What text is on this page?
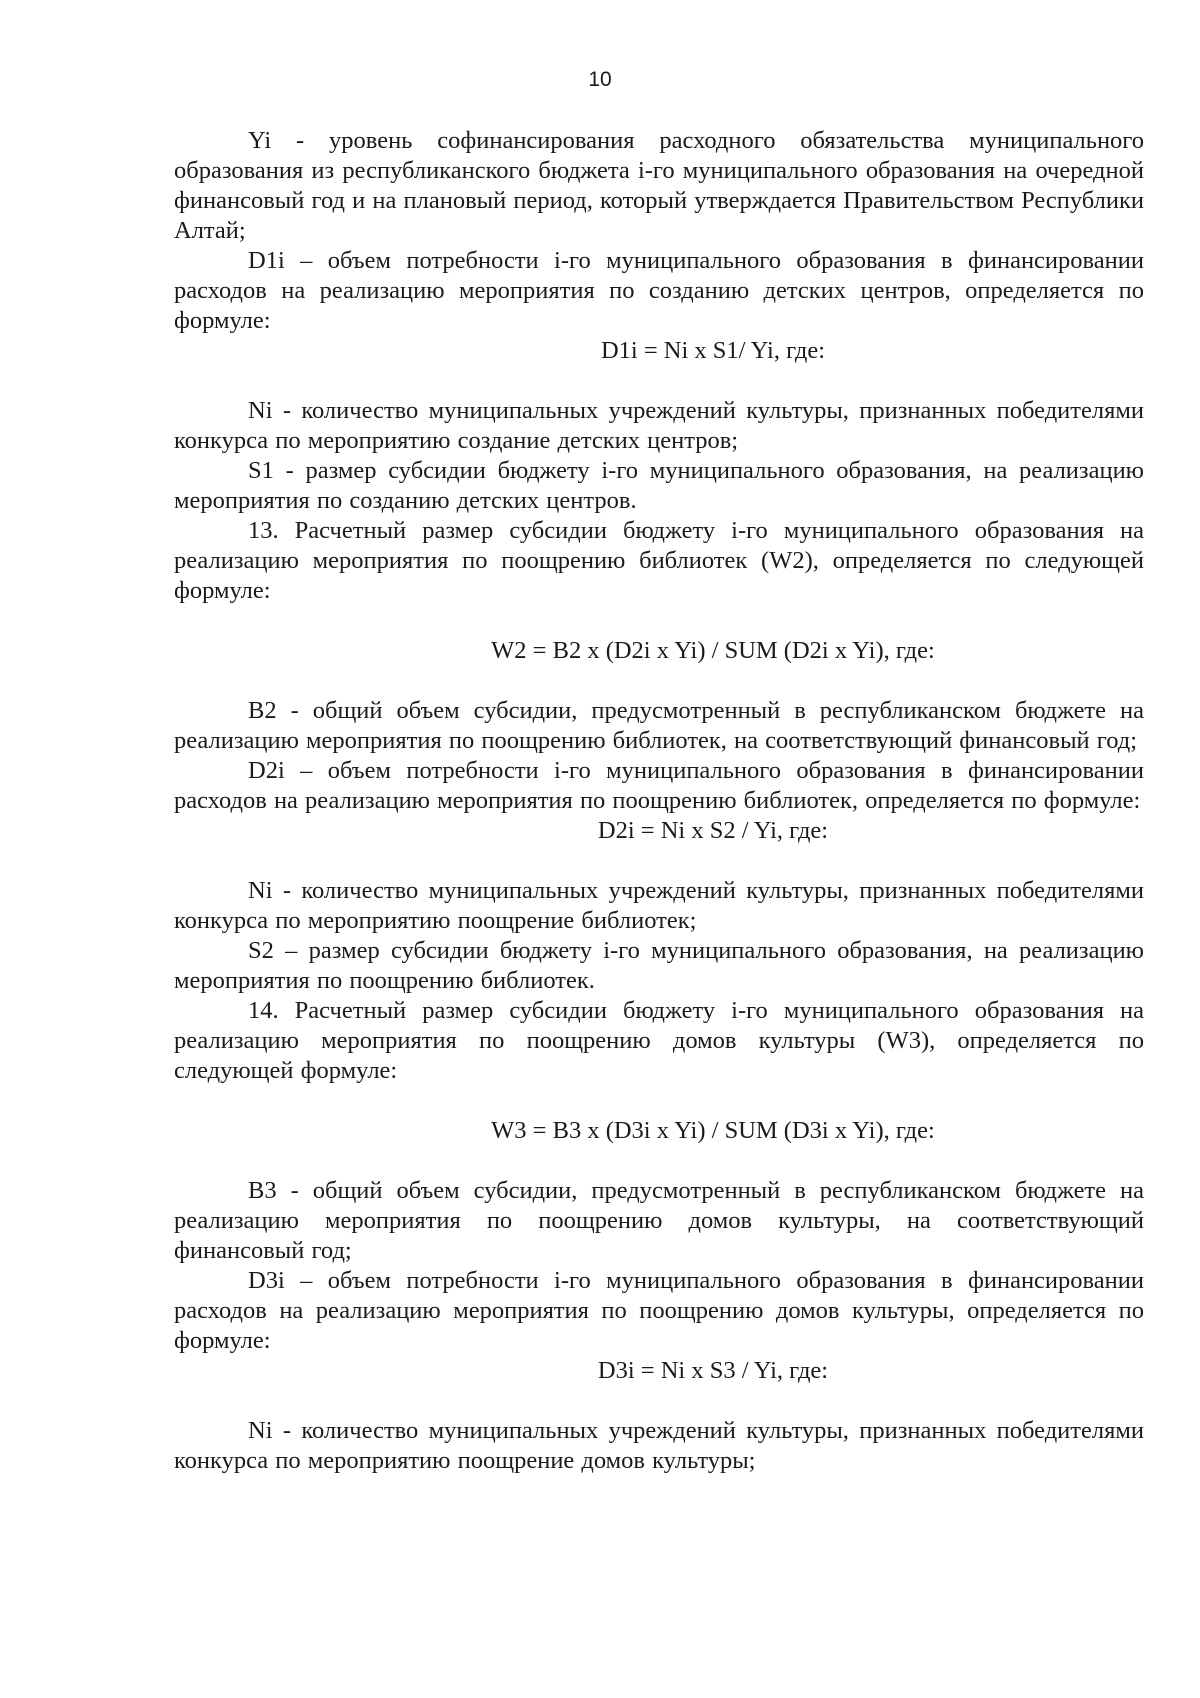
10

Yi - уровень софинансирования расходного обязательства муниципального образования из республиканского бюджета i-го муниципального образования на очередной финансовый год и на плановый период, который утверждается Правительством Республики Алтай;

D1i – объем потребности i-го муниципального образования в финансировании расходов на реализацию мероприятия по созданию детских центров, определяется по формуле:

D1i = Ni x S1/ Yi, где:

Ni - количество муниципальных учреждений культуры, признанных победителями конкурса по мероприятию создание детских центров;

S1 - размер субсидии бюджету i-го муниципального образования, на реализацию мероприятия по созданию детских центров.

13. Расчетный размер субсидии бюджету i-го муниципального образования на реализацию мероприятия по поощрению библиотек (W2), определяется по следующей формуле:

W2 = B2 x (D2i x Yi) / SUM (D2i x Yi), где:

B2 - общий объем субсидии, предусмотренный в республиканском бюджете на реализацию мероприятия по поощрению библиотек, на соответствующий финансовый год;

D2i – объем потребности i-го муниципального образования в финансировании расходов на реализацию мероприятия по поощрению библиотек, определяется по формуле:

D2i = Ni x S2 / Yi, где:

Ni - количество муниципальных учреждений культуры, признанных победителями конкурса по мероприятию поощрение библиотек;

S2 – размер субсидии бюджету i-го муниципального образования, на реализацию мероприятия по поощрению библиотек.

14. Расчетный размер субсидии бюджету i-го муниципального образования на реализацию мероприятия по поощрению домов культуры (W3), определяется по следующей формуле:

W3 = B3 x (D3i x Yi) / SUM (D3i x Yi), где:

B3 - общий объем субсидии, предусмотренный в республиканском бюджете на реализацию мероприятия по поощрению домов культуры, на соответствующий финансовый год;

D3i – объем потребности i-го муниципального образования в финансировании расходов на реализацию мероприятия по поощрению домов культуры, определяется по формуле:

D3i = Ni x S3 / Yi, где:

Ni - количество муниципальных учреждений культуры, признанных победителями конкурса по мероприятию поощрение домов культуры;
